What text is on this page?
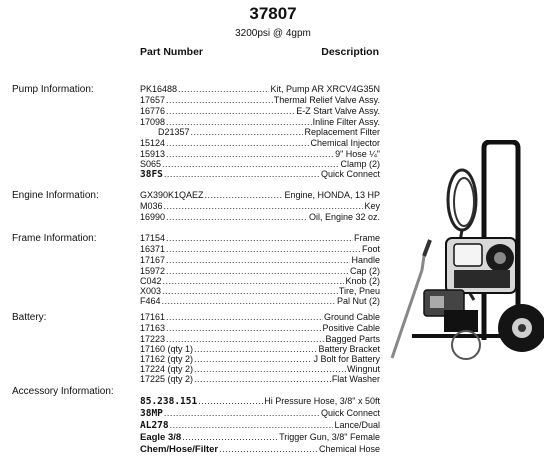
37807
3200psi @ 4gpm
Part Number	Description
Pump Information:	PK16488 .....	Kit, Pump AR XRCV4G35N
17657 .....	Thermal Relief Valve Assy.
16776 .....	E-Z Start Valve Assy.
17098 .....	Inline Filter Assy.
D21357 .....	Replacement Filter
15124 .....	Chemical Injector
15913 .....	9" Hose ¼"
S065 .....	Clamp (2)
38FS .....	Quick Connect
Engine Information:	GX390K1QAEZ .....	Engine, HONDA, 13 HP
M036 .....	Key
16990 .....	Oil, Engine 32 oz.
Frame Information:	17154 .....	Frame
16371 .....	Foot
17167 .....	Handle
15972 .....	Cap (2)
C042 .....	Knob (2)
X003 .....	Tire, Pneu
F464 .....	Pal Nut (2)
Battery:	17161 .....	Ground Cable
17163 .....	Positive Cable
17223 .....	Bagged Parts
17160 (qty 1) .....	Battery Bracket
17162 (qty 2) .....	J Bolt for Battery
17224 (qty 2) .....	Wingnut
17225 (qty 2) .....	Flat Washer
Accessory Information:
85.238.151 .....	Hi Pressure Hose, 3/8" x 50ft
38MP .....	Quick Connect
AL278 .....	Lance/Dual
Eagle 3/8 .....	Trigger Gun, 3/8" Female
Chem/Hose/Filter .....	Chemical Hose
